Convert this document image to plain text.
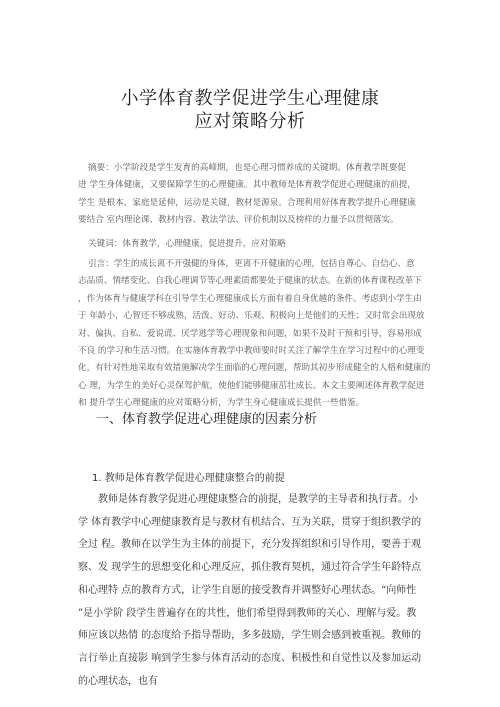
小学体育教学促进学生心理健康
应对策略分析
摘要：小学阶段是学生发育的高峰期，也是心理习惯养成的关键期。体育教学既要促
进 学生身体健康，又要保障学生的心理健康。其中教师是体育教学促进心理健康的前提，
学生 是根本，家庭是延伸，运动是关键，教材是源泉。合理利用好体育教学提升心理健康
要结合 室内理论课、教材内容、教法学法、评价机制以及榜样的力量予以贯彻落实。
关键词：体育教学，心理健康，促进提升，应对策略
引言：学生的成长离不开强健的身体，更离不开健康的心理，包括自尊心、自信心、意
志品质、情绪变化、自我心理调节等心理素质都要处于健康的状态。在新的体育课程改革下
，作为体育与健康学科在引导学生心理健康成长方面有着自身优越的条件。考虑到小学生由
于 年龄小，心智还不够成熟，活泼、好动、乐观、积极向上是他们的天性；又时常会出现放
对、偏执、自私、爱说谎、厌学逃学等心理现象和问题，如果不及时干预和引导，容易形成
不良 的学习和生活习惯。在实施体育教学中教师要时时关注了解学生在学习过程中的心理变
化，有针对性地采取有效措施解决学生面临的心理问题，帮助其初步形成健全的人格和健康的
心 理，为学生的美好心灵保驾护航，使他们能够健康茁壮成长。本文主要阐述体育教学促进
和 提升学生心理健康的应对策略分析，为学生身心健康成长提供一些借鉴。
一、体育教学促进心理健康的因素分析
1. 教师是体育教学促进心理健康整合的前提
教师是体育教学促进心理健康整合的前提，是教学的主导者和执行者。小
学 体育教学中心理健康教育是与教材有机结合、互为关联，贯穿于组织教学的
全过 程。教师在以学生为主体的前提下，充分发挥组织和引导作用，要善于观
察、发 现学生的思想变化和心理反应，抓住教育契机，通过符合学生年龄特点
和心理特 点的教育方式，让学生自愿的接受教育并调整好心理状态。“向师性
”是小学阶 段学生普遍存在的共性，他们希望得到教师的关心、理解与爱。教
师应该以热情 的态度给予指导帮助，多多鼓励，学生则会感到被重视。教师的
言行举止直接影 响到学生参与体育活动的态度、积极性和自觉性以及参加运动
的心理状态，也有
